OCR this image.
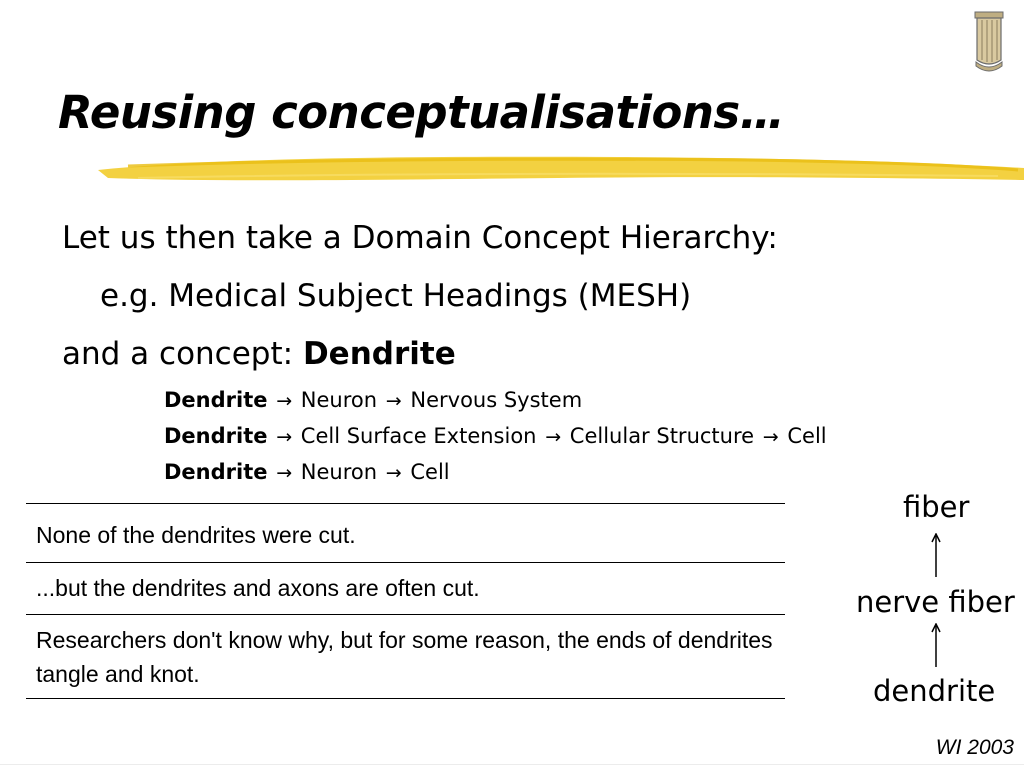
Reusing conceptualisations…
Let us then take a Domain Concept Hierarchy:
e.g. Medical Subject Headings (MESH)
and a concept: Dendrite
Dendrite → Neuron → Nervous System
Dendrite → Cell Surface Extension → Cellular Structure → Cell
Dendrite → Neuron → Cell
None of the dendrites were cut.
...but the dendrites and axons are often cut.
Researchers don't know why, but for some reason, the ends of dendrites tangle and knot.
fiber
nerve fiber
dendrite
WI 2003
